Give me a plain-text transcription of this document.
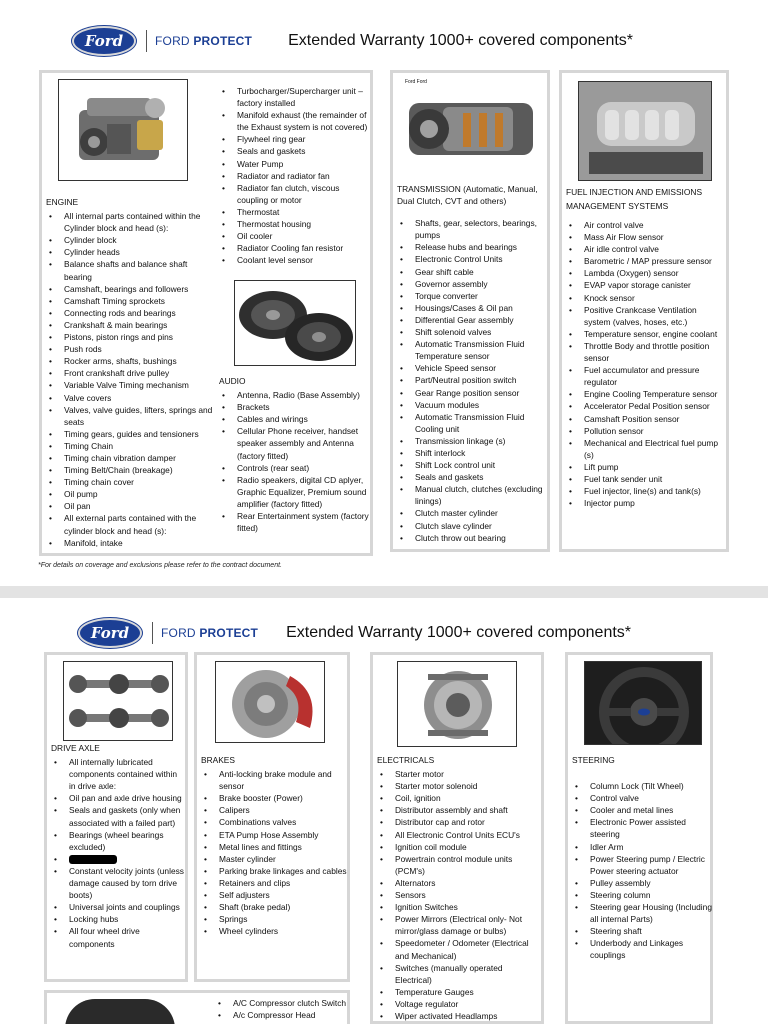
Ford	FORD PROTECT Extended Warranty 1000+ covered components*
ENGINE
• All internal parts contained within the Cylinder block and head (s):
• Cylinder block
• Cylinder heads
• Balance shafts and balance shaft bearing
• Camshaft, bearings and followers
• Camshaft Timing sprockets
• Connecting rods and bearings
• Crankshaft & main bearings
• Pistons, piston rings and pins
• Push rods
• Rocker arms, shafts, bushings
• Front crankshaft drive pulley
• Variable Valve Timing mechanism
• Valve covers
• Valves, valve guides, lifters, springs and seats
• Timing gears, guides and tensioners
• Timing Chain
• Timing chain vibration damper
• Timing Belt/Chain (breakage)
• Timing chain cover
• Oil pump
• Oil pan
• All external parts contained with the cylinder block and head (s):
• Manifold, intake
• Turbocharger/Supercharger unit – factory installed
• Manifold exhaust (the remainder of the Exhaust system is not covered)
• Flywheel ring gear
• Seals and gaskets
• Water Pump
• Radiator and radiator fan
• Radiator fan clutch, viscous coupling or motor
• Thermostat
• Thermostat housing
• Oil cooler
• Radiator Cooling fan resistor
• Coolant level sensor
AUDIO
• Antenna, Radio (Base Assembly)
• Brackets
• Cables and wirings
• Cellular Phone receiver, handset speaker assembly and Antenna (factory fitted)
• Controls (rear seat)
• Radio speakers, digital CD aplyer, Graphic Equalizer, Premium sound amplifier (factory fitted)
• Rear Entertainment system (factory fitted)
Ford Ford
TRANSMISSION (Automatic, Manual, Dual Clutch, CVT and others)
• Shafts, gear, selectors, bearings, pumps
• Release hubs and bearings
• Electronic Control Units
• Gear shift cable
• Governor assembly
• Torque converter
• Housings/Cases & Oil pan
• Differential Gear assembly
• Shift solenoid valves
• Automatic Transmission Fluid Temperature sensor
• Vehicle Speed sensor
• Part/Neutral position switch
• Gear Range position sensor
• Vacuum modules
• Automatic Transmission Fluid Cooling unit
• Transmission linkage (s)
• Shift interlock
• Shift Lock control unit
• Seals and gaskets
• Manual clutch, clutches (excluding linings)
• Clutch master cylinder
• Clutch slave cylinder
• Clutch throw out bearing
FUEL INJECTION AND EMISSIONS MANAGEMENT SYSTEMS
• Air control valve
• Mass Air Flow sensor
• Air idle control valve
• Barometric / MAP pressure sensor
• Lambda (Oxygen) sensor
• EVAP vapor storage canister
• Knock sensor
• Positive Crankcase Ventilation system (valves, hoses, etc.)
• Temperature sensor, engine coolant
• Throttle Body and throttle position sensor
• Fuel accumulator and pressure regulator
• Engine Cooling Temperature sensor
• Accelerator Pedal Position sensor
• Camshaft Position sensor
• Pollution sensor
• Mechanical and Electrical fuel pump (s)
• Lift pump
• Fuel tank sender unit
• Fuel injector, line(s) and tank(s)
• Injector pump
*For details on coverage and exclusions please refer to the contract document.
Ford	FORD PROTECT Extended Warranty 1000+ covered components*
DRIVE AXLE
• All internally lubricated components contained within in drive axle:
• Oil pan and axle drive housing
• Seals and gaskets (only when associated with a failed part)
• Bearings (wheel bearings excluded)
•
• Constant velocity joints (unless damage caused by torn drive boots)
• Universal joints and couplings
• Locking hubs
• All four wheel drive components
BRAKES
• Anti-locking brake module and sensor
• Brake booster (Power)
• Calipers
• Combinations valves
• ETA Pump Hose Assembly
• Metal lines and fittings
• Master cylinder
• Parking brake linkages and cables
• Retainers and clips
• Self adjusters
• Shaft (brake pedal)
• Springs
• Wheel cylinders
ELECTRICALS
• Starter motor
• Starter motor solenoid
• Coil, ignition
• Distributor assembly and shaft
• Distributor cap and rotor
• All Electronic Control Units ECU's
• Ignition coil module
• Powertrain control module units (PCM's)
• Alternators
• Sensors
• Ignition Switches
• Power Mirrors (Electrical only- Not mirror/glass damage or bulbs)
• Speedometer / Odometer (Electrical and Mechanical)
• Switches (manually operated Electrical)
• Temperature Gauges
• Voltage regulator
• Wiper activated Headlamps
STEERING
• Column Lock (Tilt Wheel)
• Control valve
• Cooler and metal lines
• Electronic Power assisted steering
• Idler Arm
• Power Steering pump / Electric Power steering actuator
• Pulley assembly
• Steering column
• Steering gear Housing (Including all internal Parts)
• Steering shaft
• Underbody and Linkages couplings
• A/C Compressor clutch Switch
• A/c Compressor Head
